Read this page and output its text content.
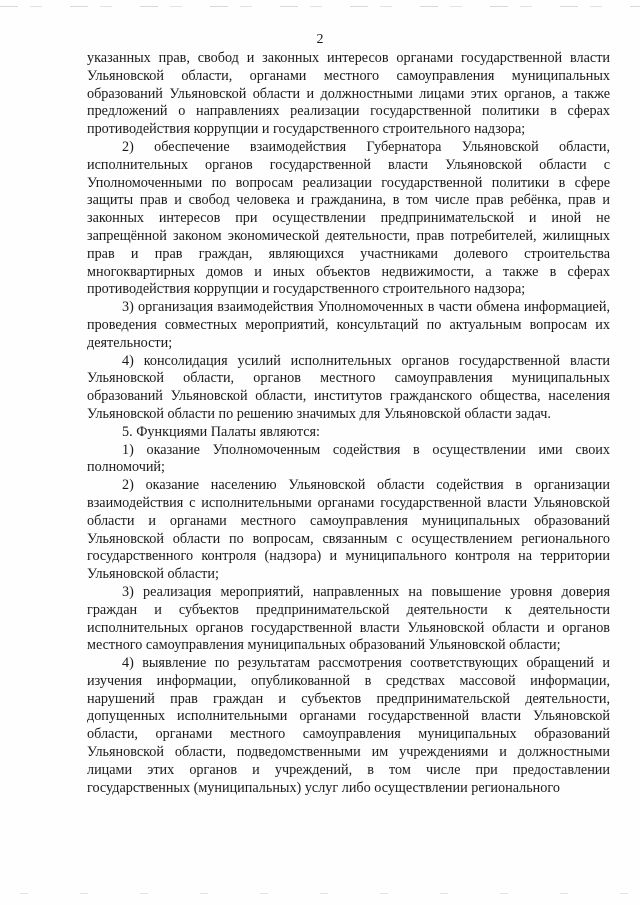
2

указанных прав, свобод и законных интересов органами государственной власти Ульяновской области, органами местного самоуправления муниципальных образований Ульяновской области и должностными лицами этих органов, а также предложений о направлениях реализации государственной политики в сферах противодействия коррупции и государственного строительного надзора;

2) обеспечение взаимодействия Губернатора Ульяновской области, исполнительных органов государственной власти Ульяновской области с Уполномоченными по вопросам реализации государственной политики в сфере защиты прав и свобод человека и гражданина, в том числе прав ребёнка, прав и законных интересов при осуществлении предпринимательской и иной не запрещённой законом экономической деятельности, прав потребителей, жилищных прав и прав граждан, являющихся участниками долевого строительства многоквартирных домов и иных объектов недвижимости, а также в сферах противодействия коррупции и государственного строительного надзора;

3) организация взаимодействия Уполномоченных в части обмена информацией, проведения совместных мероприятий, консультаций по актуальным вопросам их деятельности;

4) консолидация усилий исполнительных органов государственной власти Ульяновской области, органов местного самоуправления муниципальных образований Ульяновской области, институтов гражданского общества, населения Ульяновской области по решению значимых для Ульяновской области задач.

5. Функциями Палаты являются:

1) оказание Уполномоченным содействия в осуществлении ими своих полномочий;

2) оказание населению Ульяновской области содействия в организации взаимодействия с исполнительными органами государственной власти Ульяновской области и органами местного самоуправления муниципальных образований Ульяновской области по вопросам, связанным с осуществлением регионального государственного контроля (надзора) и муниципального контроля на территории Ульяновской области;

3) реализация мероприятий, направленных на повышение уровня доверия граждан и субъектов предпринимательской деятельности к деятельности исполнительных органов государственной власти Ульяновской области и органов местного самоуправления муниципальных образований Ульяновской области;

4) выявление по результатам рассмотрения соответствующих обращений и изучения информации, опубликованной в средствах массовой информации, нарушений прав граждан и субъектов предпринимательской деятельности, допущенных исполнительными органами государственной власти Ульяновской области, органами местного самоуправления муниципальных образований Ульяновской области, подведомственными им учреждениями и должностными лицами этих органов и учреждений, в том числе при предоставлении государственных (муниципальных) услуг либо осуществлении регионального
